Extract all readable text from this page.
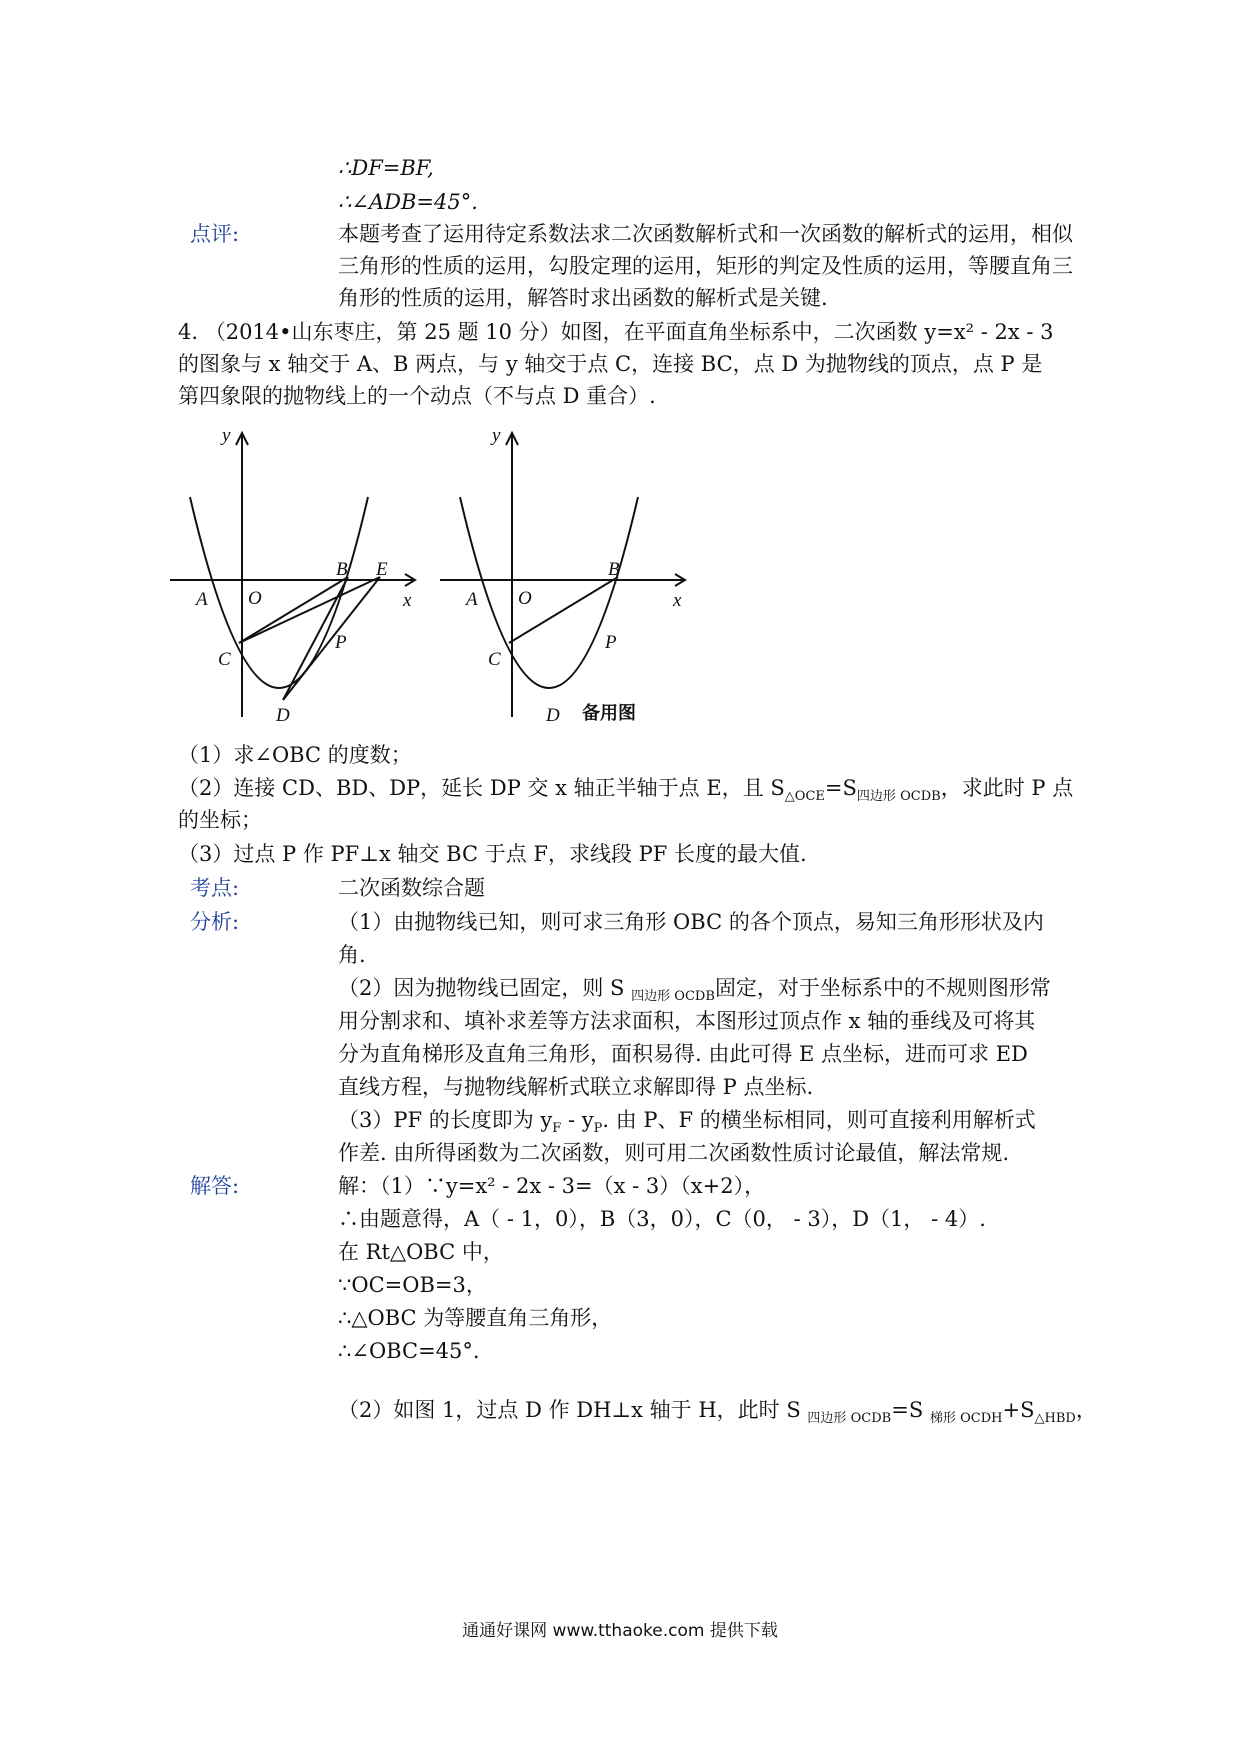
∴DF=BF,
∴∠ADB=45°.
点评:	本题考查了运用待定系数法求二次函数解析式和一次函数的解析式的运用，相似
三角形的性质的运用，勾股定理的运用，矩形的判定及性质的运用，等腰直角三
角形的性质的运用，解答时求出函数的解析式是关键.
4. （2014•山东枣庄，第 25 题 10 分）如图，在平面直角坐标系中，二次函数 y=x² - 2x - 3
的图象与 x 轴交于 A、B 两点，与 y 轴交于点 C，连接 BC，点 D 为抛物线的顶点，点 P 是
第四象限的抛物线上的一个动点（不与点 D 重合）.
y
x
O
A
B E
C
P
D
y
x
O
A
B
C
P
D 备用图
（1）求∠OBC 的度数；
（2）连接 CD、BD、DP，延长 DP 交 x 轴正半轴于点 E，且 $S_{\triangle OCE}=S_{四边形 OCDB}$，求此时 P 点
的坐标；
（3）过点 P 作 PF⊥x 轴交 BC 于点 F，求线段 PF 长度的最大值.
考点:	二次函数综合题
分析:	（1）由抛物线已知，则可求三角形 OBC 的各个顶点，易知三角形形状及内
角.
（2）因为抛物线已固定，则 S $_{四边形 OCDB}$固定，对于坐标系中的不规则图形常
用分割求和、填补求差等方法求面积，本图形过顶点作 x 轴的垂线及可将其
分为直角梯形及直角三角形，面积易得. 由此可得 E 点坐标，进而可求 ED
直线方程，与抛物线解析式联立求解即得 P 点坐标.
（3）PF 的长度即为 $y_F - y_P$. 由 P、F 的横坐标相同，则可直接利用解析式
作差. 由所得函数为二次函数，则可用二次函数性质讨论最值，解法常规.
解答:	解：（1）∵y=x² - 2x - 3=（x - 3）（x+2），
∴由题意得，A（ - 1，0），B（3，0），C（0， - 3），D（1， - 4）.
在 Rt△OBC 中，
∵OC=OB=3，
∴△OBC 为等腰直角三角形，
∴∠OBC=45°.
（2）如图 1，过点 D 作 DH⊥x 轴于 H，此时 S $_{四边形 OCDB}$=S $_{梯形 OCDH}+S_{\triangle HBD}$，
通通好课网 www.tthaoke.com 提供下载
